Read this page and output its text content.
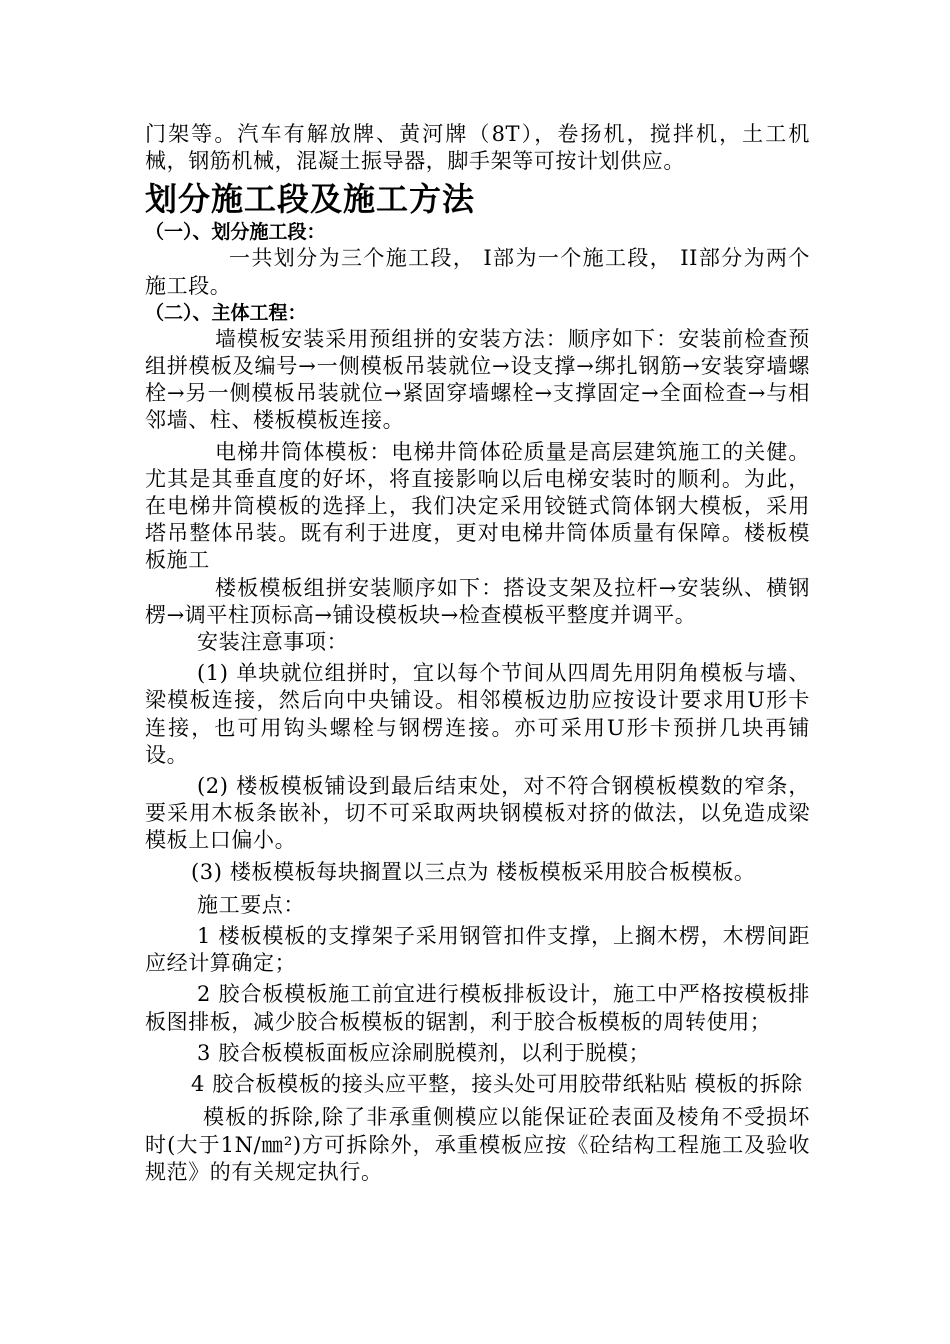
门架等。汽车有解放牌、黄河牌（8T），卷扬机，搅拌机，土工机械，钢筋机械，混凝土振导器，脚手架等可按计划供应。

划分施工段及施工方法

（一）、划分施工段：

一共划分为三个施工段， I部为一个施工段， II部分为两个施工段。

（二）、主体工程：

墙模板安装采用预组拼的安装方法：顺序如下：安装前检查预组拼模板及编号→一侧模板吊装就位→设支撑→绑扎钢筋→安装穿墙螺栓→另一侧模板吊装就位→紧固穿墙螺栓→支撑固定→全面检查→与相邻墙、柱、楼板模板连接。

电梯井筒体模板：电梯井筒体砼质量是高层建筑施工的关健。尤其是其垂直度的好坏，将直接影响以后电梯安装时的顺利。为此，在电梯井筒模板的选择上，我们决定采用铰链式筒体钢大模板，采用塔吊整体吊装。既有利于进度，更对电梯井筒体质量有保障。楼板模板施工

楼板模板组拼安装顺序如下：搭设支架及拉杆→安装纵、横钢楞→调平柱顶标高→铺设模板块→检查模板平整度并调平。

安装注意事项：

(1) 单块就位组拼时，宜以每个节间从四周先用阴角模板与墙、梁模板连接，然后向中央铺设。相邻模板边肋应按设计要求用U形卡连接，也可用钩头螺栓与钢楞连接。亦可采用U形卡预拼几块再铺设。

(2) 楼板模板铺设到最后结束处，对不符合钢模板模数的窄条，要采用木板条嵌补，切不可采取两块钢模板对挤的做法，以免造成梁模板上口偏小。

(3) 楼板模板每块搁置以三点为 楼板模板采用胶合板模板。

施工要点：

1 楼板模板的支撑架子采用钢管扣件支撑，上搁木楞，木楞间距应经计算确定；

2 胶合板模板施工前宜进行模板排板设计，施工中严格按模板排板图排板，减少胶合板模板的锯割，利于胶合板模板的周转使用；

3 胶合板模板面板应涂刷脱模剂，以利于脱模；

4 胶合板模板的接头应平整，接头处可用胶带纸粘贴 模板的拆除

模板的拆除,除了非承重侧模应以能保证砼表面及棱角不受损坏时(大于1N/㎜²)方可拆除外，承重模板应按《砼结构工程施工及验收规范》的有关规定执行。
